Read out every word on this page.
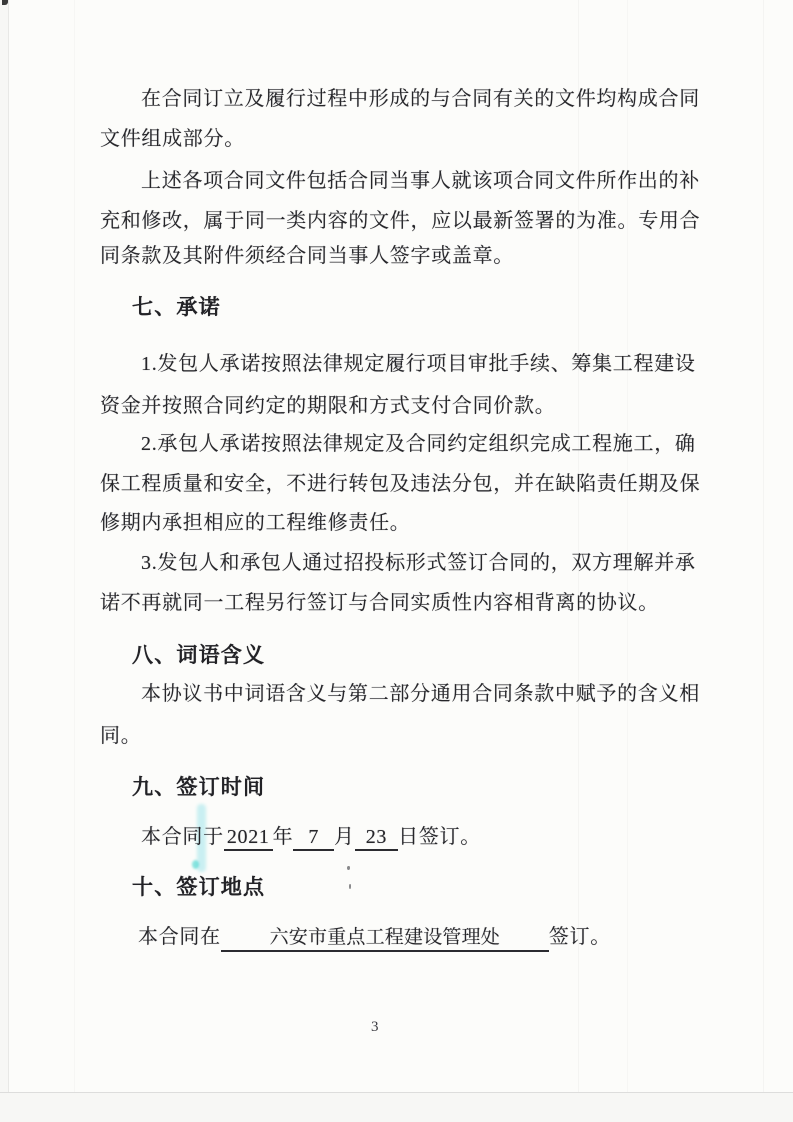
在合同订立及履行过程中形成的与合同有关的文件均构成合同
文件组成部分。
上述各项合同文件包括合同当事人就该项合同文件所作出的补
充和修改，属于同一类内容的文件，应以最新签署的为准。专用合
同条款及其附件须经合同当事人签字或盖章。
七、承诺
1.发包人承诺按照法律规定履行项目审批手续、筹集工程建设
资金并按照合同约定的期限和方式支付合同价款。
2.承包人承诺按照法律规定及合同约定组织完成工程施工，确
保工程质量和安全，不进行转包及违法分包，并在缺陷责任期及保
修期内承担相应的工程维修责任。
3.发包人和承包人通过招投标形式签订合同的，双方理解并承
诺不再就同一工程另行签订与合同实质性内容相背离的协议。
八、词语含义
本协议书中词语含义与第二部分通用合同条款中赋予的含义相
同。
九、签订时间
本合同于 2021 年 7 月 23 日签订。
十、签订地点
本合同在	六安市重点工程建设管理处 签订。
3
